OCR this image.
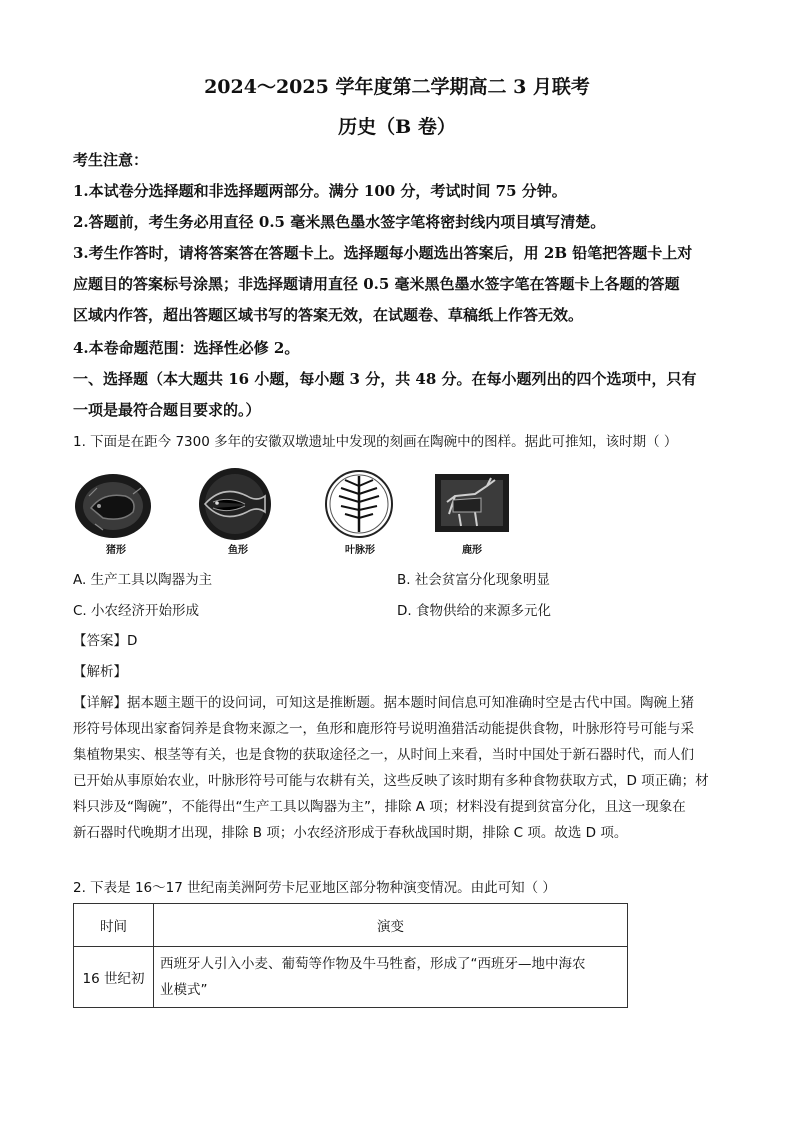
2024～2025 学年度第二学期高二 3 月联考
历史（B 卷）
考生注意：
1.本试卷分选择题和非选择题两部分。满分 100 分，考试时间 75 分钟。
2.答题前，考生务必用直径 0.5 毫米黑色墨水签字笔将密封线内项目填写清楚。
3.考生作答时，请将答案答在答题卡上。选择题每小题选出答案后，用 2B 铅笔把答题卡上对
应题目的答案标号涂黑；非选择题请用直径 0.5 毫米黑色墨水签字笔在答题卡上各题的答题
区域内作答，超出答题区域书写的答案无效，在试题卷、草稿纸上作答无效。
4.本卷命题范围：选择性必修 2。
一、选择题（本大题共 16 小题，每小题 3 分，共 48 分。在每小题列出的四个选项中，只有
一项是最符合题目要求的。）
1. 下面是在距今 7300 多年的安徽双墩遗址中发现的刻画在陶碗中的图样。据此可推知，该时期（ ）
猪形	鱼形	叶脉形	鹿形
A. 生产工具以陶器为主	B. 社会贫富分化现象明显
C. 小农经济开始形成	D. 食物供给的来源多元化
【答案】D
【解析】

【详解】据本题主题干的设问词，可知这是推断题。据本题时间信息可知准确时空是古代中国。陶碗上猪

形符号体现出家畜饲养是食物来源之一，鱼形和鹿形符号说明渔猎活动能提供食物，叶脉形符号可能与采

集植物果实、根茎等有关，也是食物的获取途径之一，从时间上来看，当时中国处于新石器时代，而人们

已开始从事原始农业，叶脉形符号可能与农耕有关，这些反映了该时期有多种食物获取方式，D 项正确；材

料只涉及“陶碗”，不能得出“生产工具以陶器为主”，排除 A 项；材料没有提到贫富分化，且这一现象在

新石器时代晚期才出现，排除 B 项；小农经济形成于春秋战国时期，排除 C 项。故选 D 项。

2. 下表是 16～17 世纪南美洲阿劳卡尼亚地区部分物种演变情况。由此可知（ ）
时间	演变
16 世纪初	西班牙人引入小麦、葡萄等作物及牛马牲畜，形成了“西班牙—地中海农
业模式”
